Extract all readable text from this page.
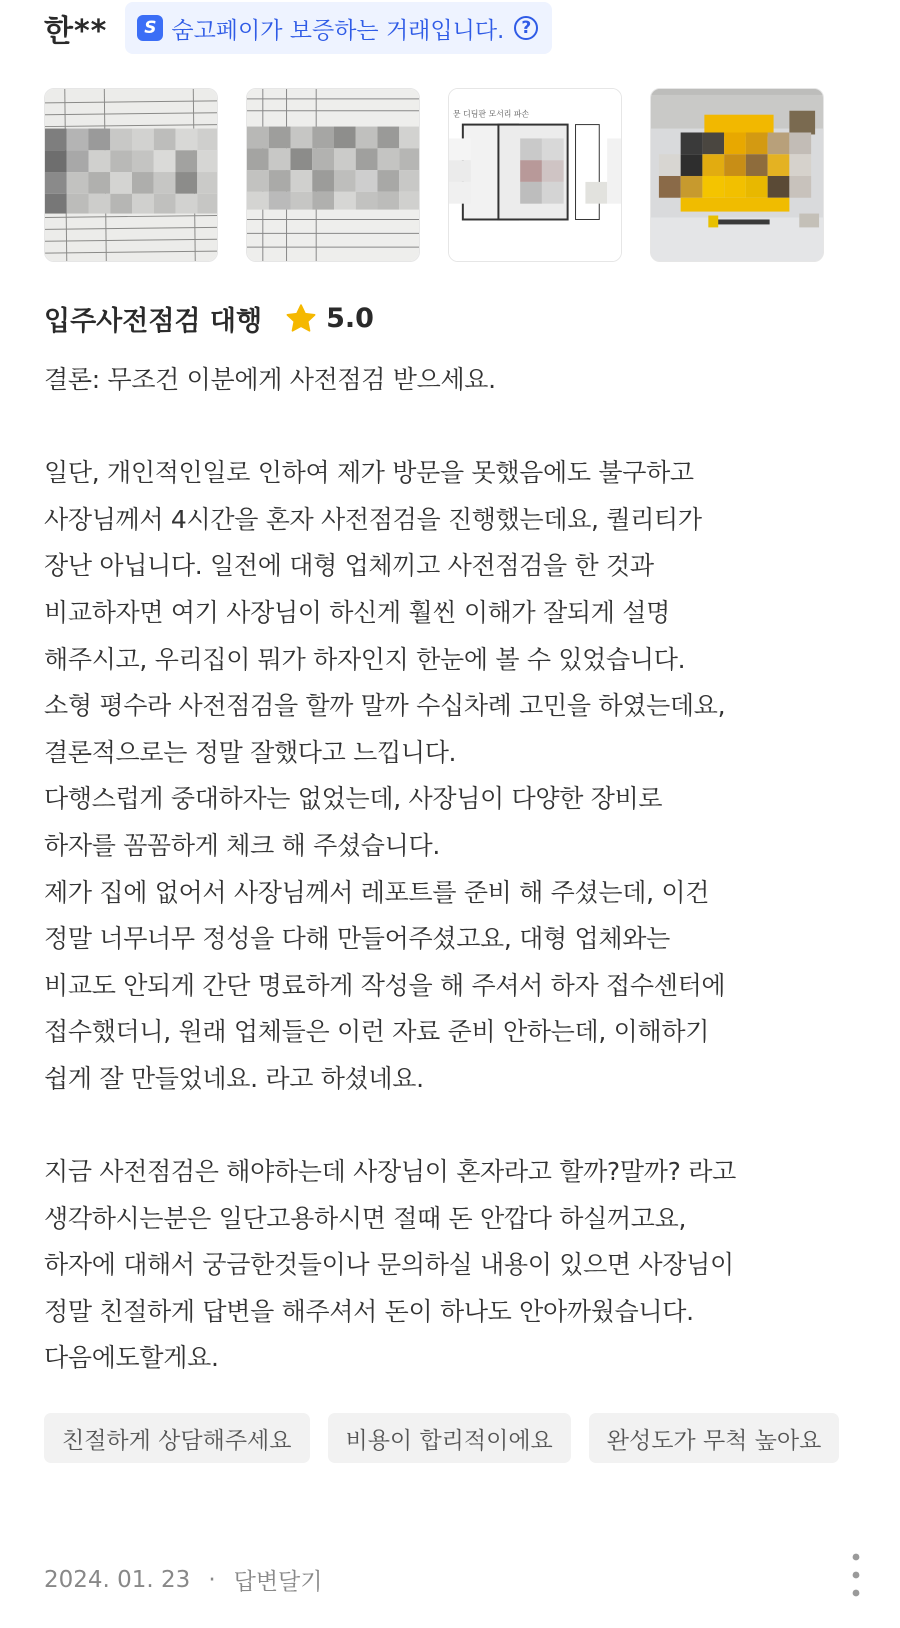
한**	S 숨고페이가 보증하는 거래입니다.	?
문 디딤판 모서리 파손
입주사전점검 대행 5.0
결론: 무조건 이분에게 사전점검 받으세요.

일단, 개인적인일로 인하여 제가 방문을 못했음에도 불구하고
사장님께서 4시간을 혼자 사전점검을 진행했는데요, 퀄리티가
장난 아닙니다. 일전에 대형 업체끼고 사전점검을 한 것과
비교하자면 여기 사장님이 하신게 훨씬 이해가 잘되게 설명
해주시고, 우리집이 뭐가 하자인지 한눈에 볼 수 있었습니다.
소형 평수라 사전점검을 할까 말까 수십차례 고민을 하였는데요,
결론적으로는 정말 잘했다고 느낍니다.
다행스럽게 중대하자는 없었는데, 사장님이 다양한 장비로
하자를 꼼꼼하게 체크 해 주셨습니다.
제가 집에 없어서 사장님께서 레포트를 준비 해 주셨는데, 이건
정말 너무너무 정성을 다해 만들어주셨고요, 대형 업체와는
비교도 안되게 간단 명료하게 작성을 해 주셔서 하자 접수센터에
접수했더니, 원래 업체들은 이런 자료 준비 안하는데, 이해하기
쉽게 잘 만들었네요. 라고 하셨네요.

지금 사전점검은 해야하는데 사장님이 혼자라고 할까?말까? 라고
생각하시는분은 일단고용하시면 절때 돈 안깝다 하실꺼고요,
하자에 대해서 궁금한것들이나 문의하실 내용이 있으면 사장님이
정말 친절하게 답변을 해주셔서 돈이 하나도 안아까웠습니다.
다음에도할게요.
친절하게 상담해주세요	비용이 합리적이에요	완성도가 무척 높아요
2024. 01. 23 · 답변달기
